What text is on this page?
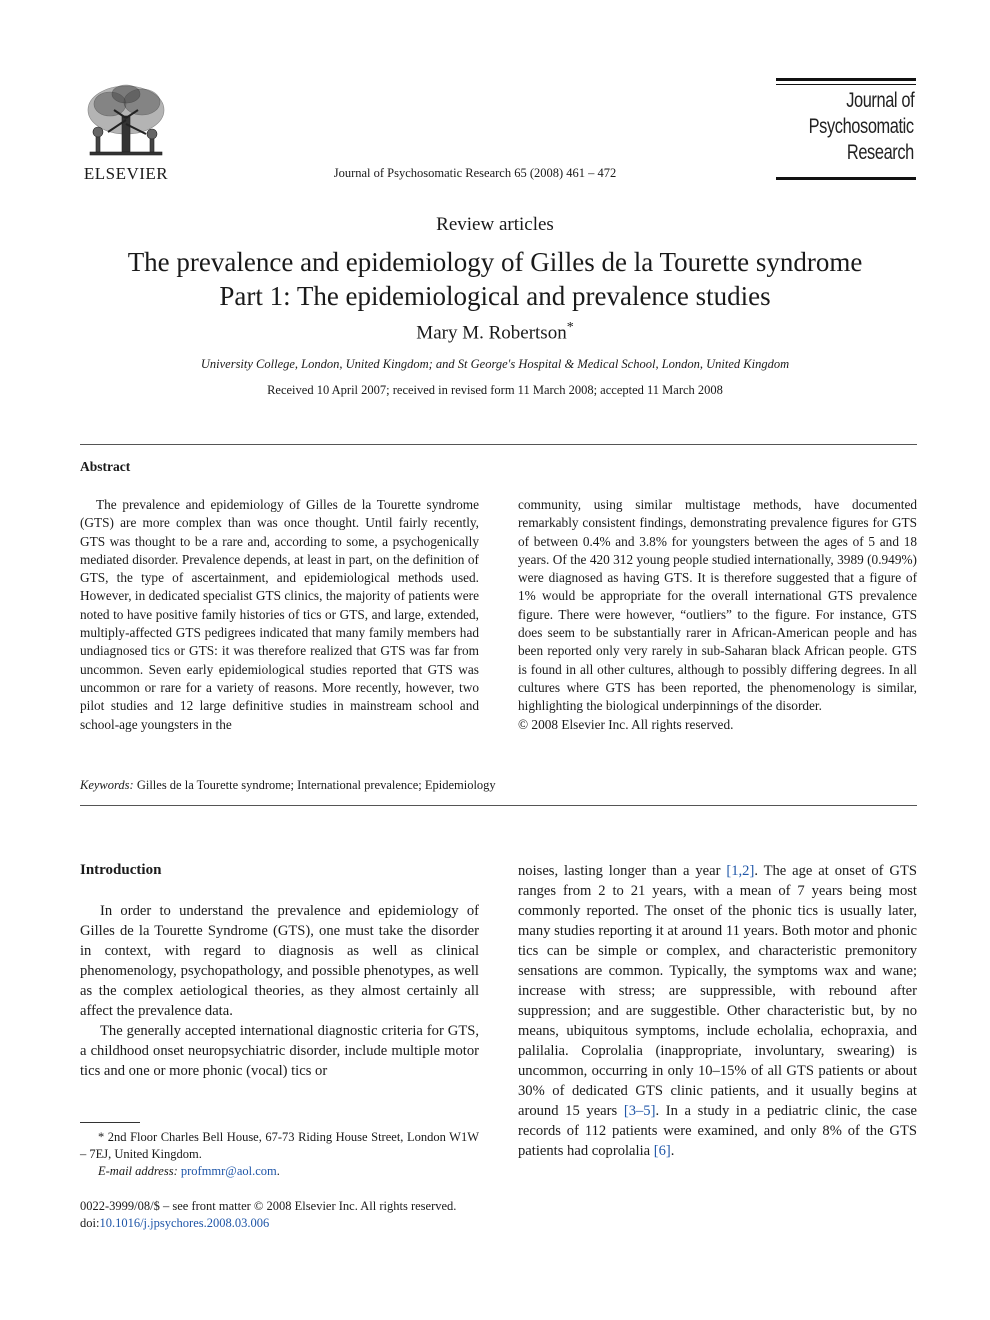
ELSEVIER	Journal of Psychosomatic Research 65 (2008) 461 – 472
Journal of
Psychosomatic
Research
Review articles
The prevalence and epidemiology of Gilles de la Tourette syndrome
Part 1: The epidemiological and prevalence studies
Mary M. Robertson*
University College, London, United Kingdom; and St George's Hospital & Medical School, London, United Kingdom
Received 10 April 2007; received in revised form 11 March 2008; accepted 11 March 2008
Abstract

The prevalence and epidemiology of Gilles de la Tourette syndrome (GTS) are more complex than was once thought. Until fairly recently, GTS was thought to be a rare and, according to some, a psychogenically mediated disorder. Prevalence depends, at least in part, on the definition of GTS, the type of ascertainment, and epidemiological methods used. However, in dedicated specialist GTS clinics, the majority of patients were noted to have positive family histories of tics or GTS, and large, extended, multiply-affected GTS pedigrees indicated that many family members had undiagnosed tics or GTS: it was therefore realized that GTS was far from uncommon. Seven early epidemiological studies reported that GTS was uncommon or rare for a variety of reasons. More recently, however, two pilot studies and 12 large definitive studies in mainstream school and school-age youngsters in the

community, using similar multistage methods, have documented remarkably consistent findings, demonstrating prevalence figures for GTS of between 0.4% and 3.8% for youngsters between the ages of 5 and 18 years. Of the 420 312 young people studied internationally, 3989 (0.949%) were diagnosed as having GTS. It is therefore suggested that a figure of 1% would be appropriate for the overall international GTS prevalence figure. There were however, “outliers” to the figure. For instance, GTS does seem to be substantially rarer in African-American people and has been reported only very rarely in sub-Saharan black African people. GTS is found in all other cultures, although to possibly differing degrees. In all cultures where GTS has been reported, the phenomenology is similar, highlighting the biological underpinnings of the disorder.

© 2008 Elsevier Inc. All rights reserved.

Keywords: Gilles de la Tourette syndrome; International prevalence; Epidemiology
Introduction

In order to understand the prevalence and epidemiology of Gilles de la Tourette Syndrome (GTS), one must take the disorder in context, with regard to diagnosis as well as clinical phenomenology, psychopathology, and possible phenotypes, as well as the complex aetiological theories, as they almost certainly all affect the prevalence data.

The generally accepted international diagnostic criteria for GTS, a childhood onset neuropsychiatric disorder, include multiple motor tics and one or more phonic (vocal) tics or

noises, lasting longer than a year [1,2]. The age at onset of GTS ranges from 2 to 21 years, with a mean of 7 years being most commonly reported. The onset of the phonic tics is usually later, many studies reporting it at around 11 years. Both motor and phonic tics can be simple or complex, and characteristic premonitory sensations are common. Typically, the symptoms wax and wane; increase with stress; are suppressible, with rebound after suppression; and are suggestible. Other characteristic but, by no means, ubiquitous symptoms, include echolalia, echopraxia, and palilalia. Coprolalia (inappropriate, involuntary, swearing) is uncommon, occurring in only 10–15% of all GTS patients or about 30% of dedicated GTS clinic patients, and it usually begins at around 15 years [3–5]. In a study in a pediatric clinic, the case records of 112 patients were examined, and only 8% of the GTS patients had coprolalia [6].

* 2nd Floor Charles Bell House, 67-73 Riding House Street, London W1W – 7EJ, United Kingdom.

E-mail address: profmmr@aol.com.

0022-3999/08/$ – see front matter © 2008 Elsevier Inc. All rights reserved.

doi:10.1016/j.jpsychores.2008.03.006
